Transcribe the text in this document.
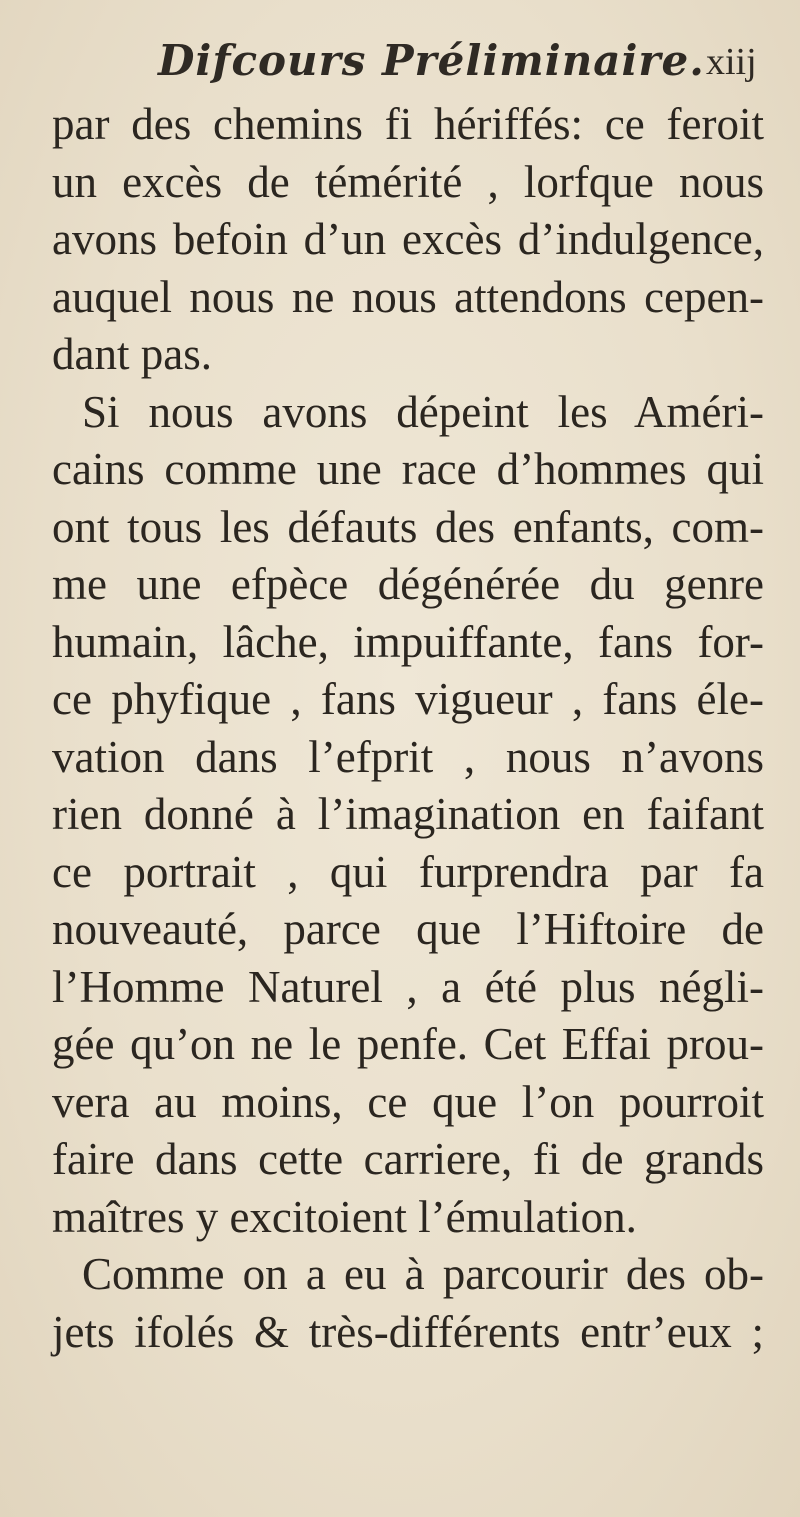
Difcours Préliminaire. xiij
par des chemins fi hériffés: ce feroit
un excès de témérité , lorfque nous
avons befoin d’un excès d’indulgence,
auquel nous ne nous attendons cepen-
dant pas.
Si nous avons dépeint les Améri-
cains comme une race d’hommes qui
ont tous les défauts des enfants, com-
me une efpèce dégénérée du genre
humain, lâche, impuiffante, fans for-
ce phyfique , fans vigueur , fans éle-
vation dans l’efprit , nous n’avons
rien donné à l’imagination en faifant
ce portrait , qui furprendra par fa
nouveauté, parce que l’Hiftoire de
l’Homme Naturel , a été plus négli-
gée qu’on ne le penfe. Cet Effai prou-
vera au moins, ce que l’on pourroit
faire dans cette carriere, fi de grands
maîtres y excitoient l’émulation.
Comme on a eu à parcourir des ob-
jets ifolés & très-différents entr’eux ;
